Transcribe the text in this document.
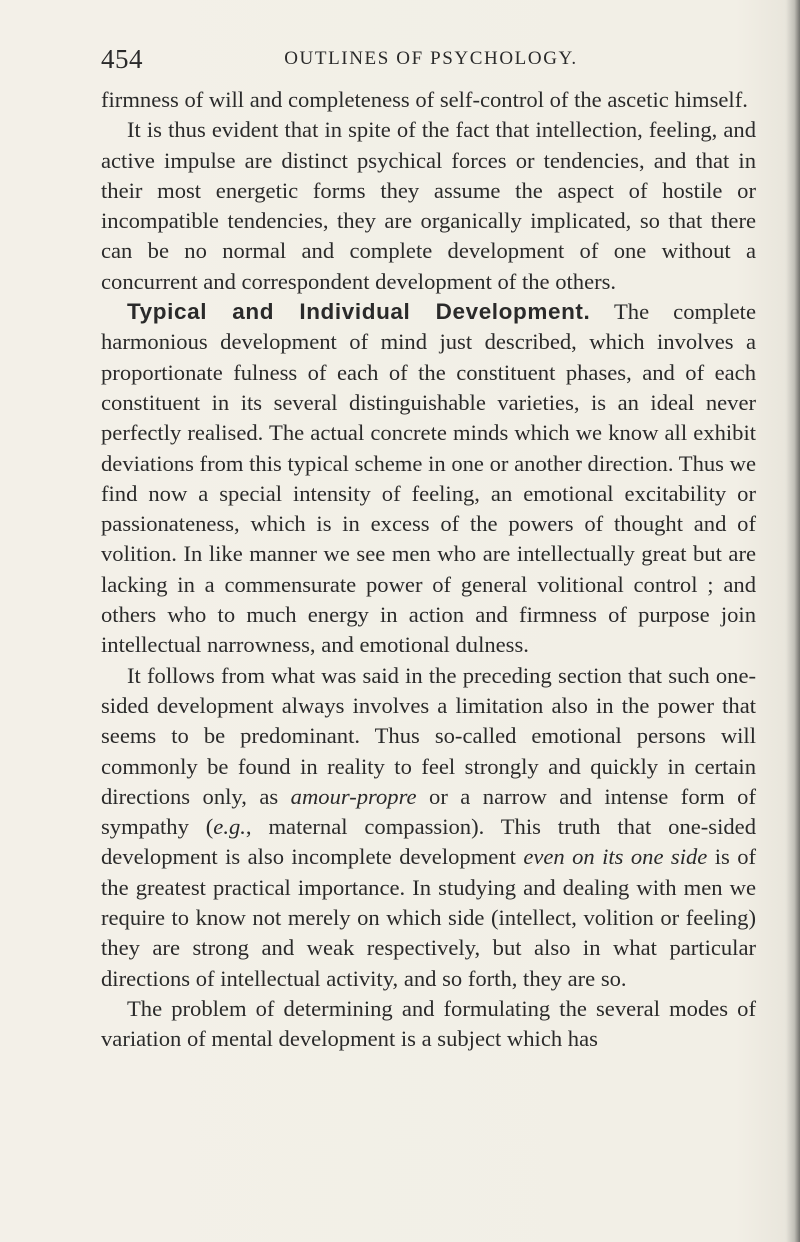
454	OUTLINES OF PSYCHOLOGY.

firmness of will and completeness of self-control of the ascetic himself.

It is thus evident that in spite of the fact that intellection, feeling, and active impulse are distinct psychical forces or tendencies, and that in their most energetic forms they assume the aspect of hostile or incompatible tendencies, they are organically implicated, so that there can be no normal and complete development of one without a concurrent and correspondent development of the others.

Typical and Individual Development. The complete harmonious development of mind just described, which involves a proportionate fulness of each of the constituent phases, and of each constituent in its several distinguishable varieties, is an ideal never perfectly realised. The actual concrete minds which we know all exhibit deviations from this typical scheme in one or another direction. Thus we find now a special intensity of feeling, an emotional excitability or passionateness, which is in excess of the powers of thought and of volition. In like manner we see men who are intellectually great but are lacking in a commensurate power of general volitional control ; and others who to much energy in action and firmness of purpose join intellectual narrowness, and emotional dulness.

It follows from what was said in the preceding section that such one-sided development always involves a limitation also in the power that seems to be predominant. Thus so-called emotional persons will commonly be found in reality to feel strongly and quickly in certain directions only, as amour-propre or a narrow and intense form of sympathy (e.g., maternal compassion). This truth that one-sided development is also incomplete development even on its one side is of the greatest practical importance. In studying and dealing with men we require to know not merely on which side (intellect, volition or feeling) they are strong and weak respectively, but also in what particular directions of intellectual activity, and so forth, they are so.

The problem of determining and formulating the several modes of variation of mental development is a subject which has
